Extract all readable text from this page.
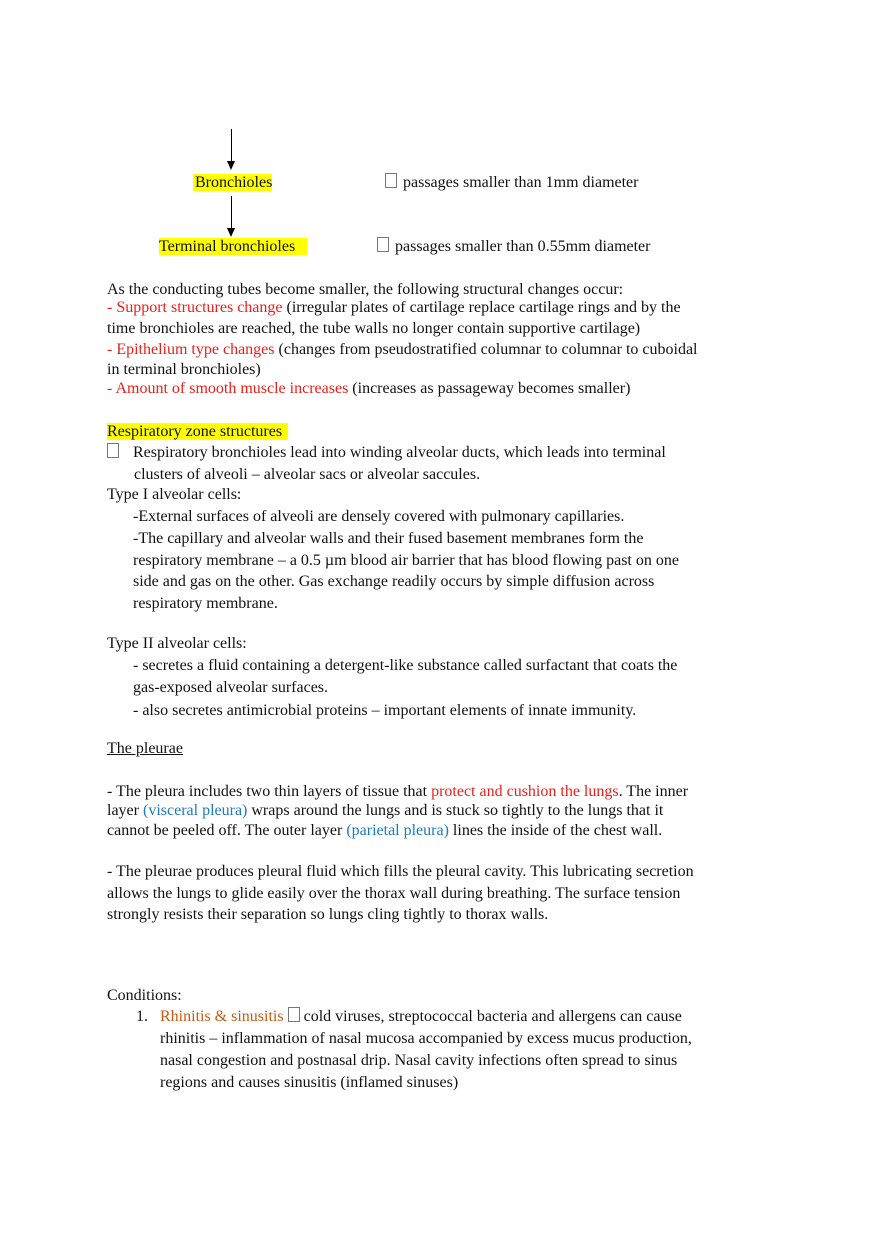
Bronchioles	passages smaller than 1mm diameter
Terminal bronchioles	passages smaller than 0.55mm diameter
As the conducting tubes become smaller, the following structural changes occur:
- Support structures change (irregular plates of cartilage replace cartilage rings and by the
time bronchioles are reached, the tube walls no longer contain supportive cartilage)
- Epithelium type changes (changes from pseudostratified columnar to columnar to cuboidal
in terminal bronchioles)
- Amount of smooth muscle increases (increases as passageway becomes smaller)
Respiratory zone structures
Respiratory bronchioles lead into winding alveolar ducts, which leads into terminal
clusters of alveoli – alveolar sacs or alveolar saccules.
Type I alveolar cells:
-External surfaces of alveoli are densely covered with pulmonary capillaries.
-The capillary and alveolar walls and their fused basement membranes form the
respiratory membrane – a 0.5 µm blood air barrier that has blood flowing past on one
side and gas on the other. Gas exchange readily occurs by simple diffusion across
respiratory membrane.
Type II alveolar cells:
- secretes a fluid containing a detergent-like substance called surfactant that coats the
gas-exposed alveolar surfaces.
- also secretes antimicrobial proteins – important elements of innate immunity.
The pleurae
- The pleura includes two thin layers of tissue that protect and cushion the lungs. The inner
layer (visceral pleura) wraps around the lungs and is stuck so tightly to the lungs that it
cannot be peeled off. The outer layer (parietal pleura) lines the inside of the chest wall.
- The pleurae produces pleural fluid which fills the pleural cavity. This lubricating secretion
allows the lungs to glide easily over the thorax wall during breathing. The surface tension
strongly resists their separation so lungs cling tightly to thorax walls.
Conditions:
1. Rhinitis & sinusitis  cold viruses, streptococcal bacteria and allergens can cause
rhinitis – inflammation of nasal mucosa accompanied by excess mucus production,
nasal congestion and postnasal drip. Nasal cavity infections often spread to sinus
regions and causes sinusitis (inflamed sinuses)
